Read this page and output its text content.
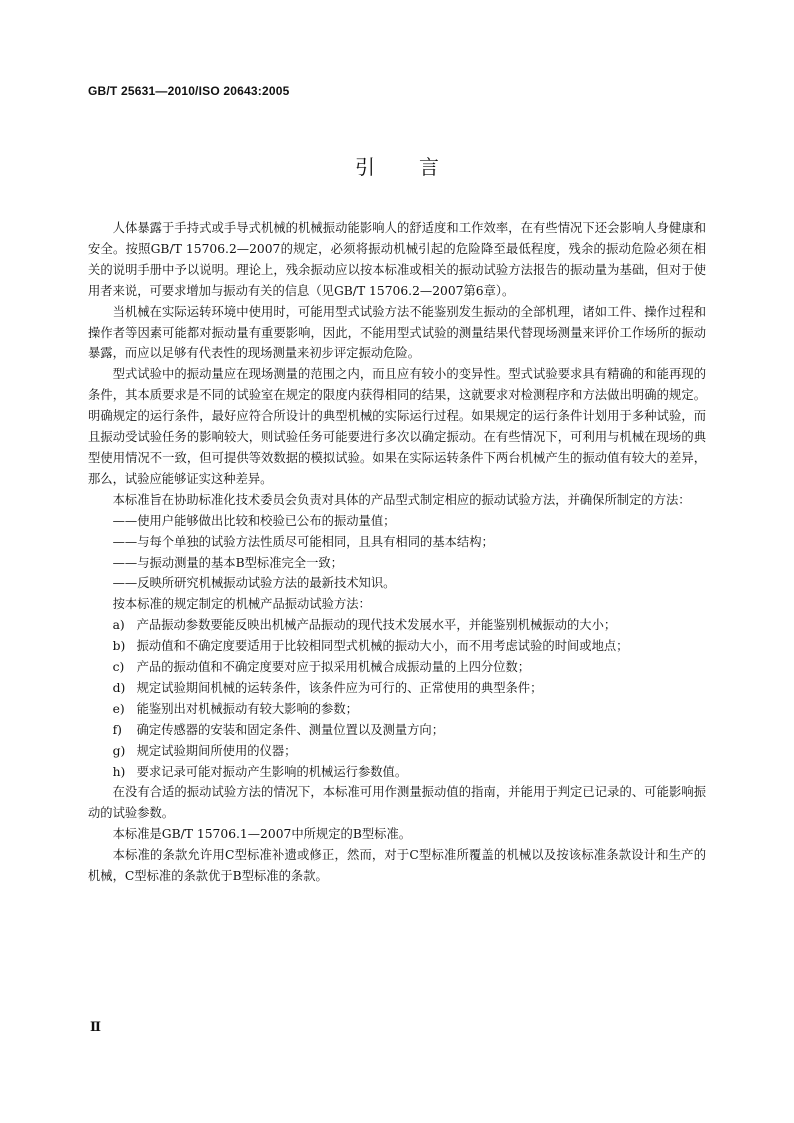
GB/T 25631—2010/ISO 20643:2005
引言

人体暴露于手持式或手导式机械的机械振动能影响人的舒适度和工作效率，在有些情况下还会影响人身健康和安全。按照GB/T 15706.2—2007的规定，必须将振动机械引起的危险降至最低程度，残余的振动危险必须在相关的说明手册中予以说明。理论上，残余振动应以按本标准或相关的振动试验方法报告的振动量为基础，但对于使用者来说，可要求增加与振动有关的信息（见GB/T 15706.2—2007第6章）。

当机械在实际运转环境中使用时，可能用型式试验方法不能鉴别发生振动的全部机理，诸如工件、操作过程和操作者等因素可能都对振动量有重要影响，因此，不能用型式试验的测量结果代替现场测量来评价工作场所的振动暴露，而应以足够有代表性的现场测量来初步评定振动危险。

型式试验中的振动量应在现场测量的范围之内，而且应有较小的变异性。型式试验要求具有精确的和能再现的条件，其本质要求是不同的试验室在规定的限度内获得相同的结果，这就要求对检测程序和方法做出明确的规定。明确规定的运行条件，最好应符合所设计的典型机械的实际运行过程。如果规定的运行条件计划用于多种试验，而且振动受试验任务的影响较大，则试验任务可能要进行多次以确定振动。在有些情况下，可利用与机械在现场的典型使用情况不一致，但可提供等效数据的模拟试验。如果在实际运转条件下两台机械产生的振动值有较大的差异，那么，试验应能够证实这种差异。

本标准旨在协助标准化技术委员会负责对具体的产品型式制定相应的振动试验方法，并确保所制定的方法：

——使用户能够做出比较和校验已公布的振动量值；

——与每个单独的试验方法性质尽可能相同，且具有相同的基本结构；

——与振动测量的基本B型标准完全一致；

——反映所研究机械振动试验方法的最新技术知识。

按本标准的规定制定的机械产品振动试验方法：

a) 产品振动参数要能反映出机械产品振动的现代技术发展水平，并能鉴别机械振动的大小；

b) 振动值和不确定度要适用于比较相同型式机械的振动大小，而不用考虑试验的时间或地点；

c) 产品的振动值和不确定度要对应于拟采用机械合成振动量的上四分位数；

d) 规定试验期间机械的运转条件，该条件应为可行的、正常使用的典型条件；

e) 能鉴别出对机械振动有较大影响的参数；

f) 确定传感器的安装和固定条件、测量位置以及测量方向；

g) 规定试验期间所使用的仪器；

h) 要求记录可能对振动产生影响的机械运行参数值。

在没有合适的振动试验方法的情况下，本标准可用作测量振动值的指南，并能用于判定已记录的、可能影响振动的试验参数。

本标准是GB/T 15706.1—2007中所规定的B型标准。

本标准的条款允许用C型标准补遗或修正，然而，对于C型标准所覆盖的机械以及按该标准条款设计和生产的机械，C型标准的条款优于B型标准的条款。

Ⅱ
